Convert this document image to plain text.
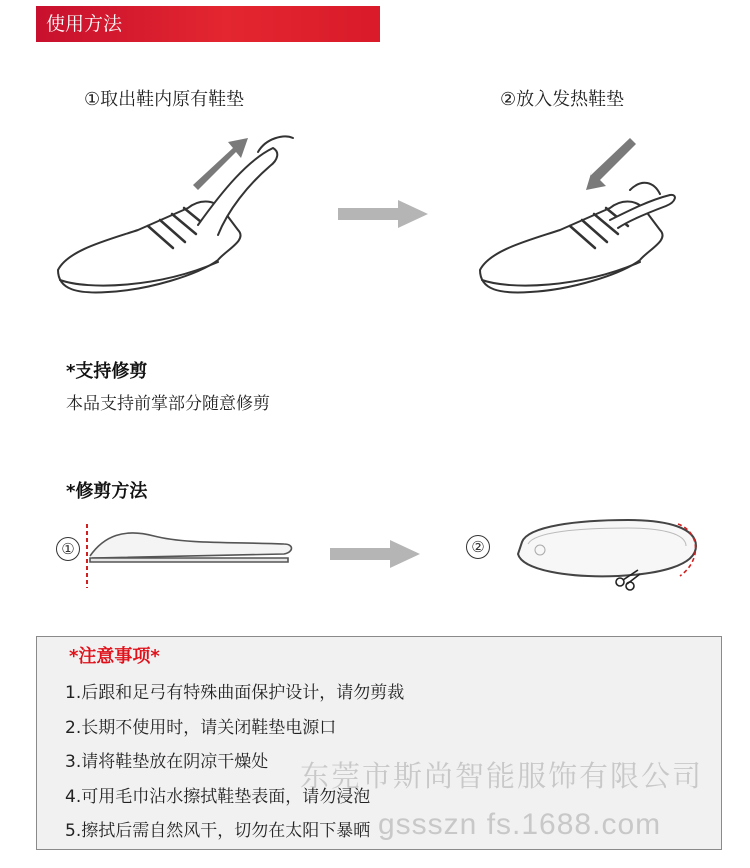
使用方法
①取出鞋内原有鞋垫	②放入发热鞋垫
*支持修剪
本品支持前掌部分随意修剪
*修剪方法
①	②
*注意事项*
1.后跟和足弓有特殊曲面保护设计，请勿剪裁
2.长期不使用时，请关闭鞋垫电源口
3.请将鞋垫放在阴凉干燥处
4.可用毛巾沾水擦拭鞋垫表面，请勿浸泡
5.擦拭后需自然风干，切勿在太阳下暴晒
东莞市斯尚智能服饰有限公司
gssszn fs.1688.com
